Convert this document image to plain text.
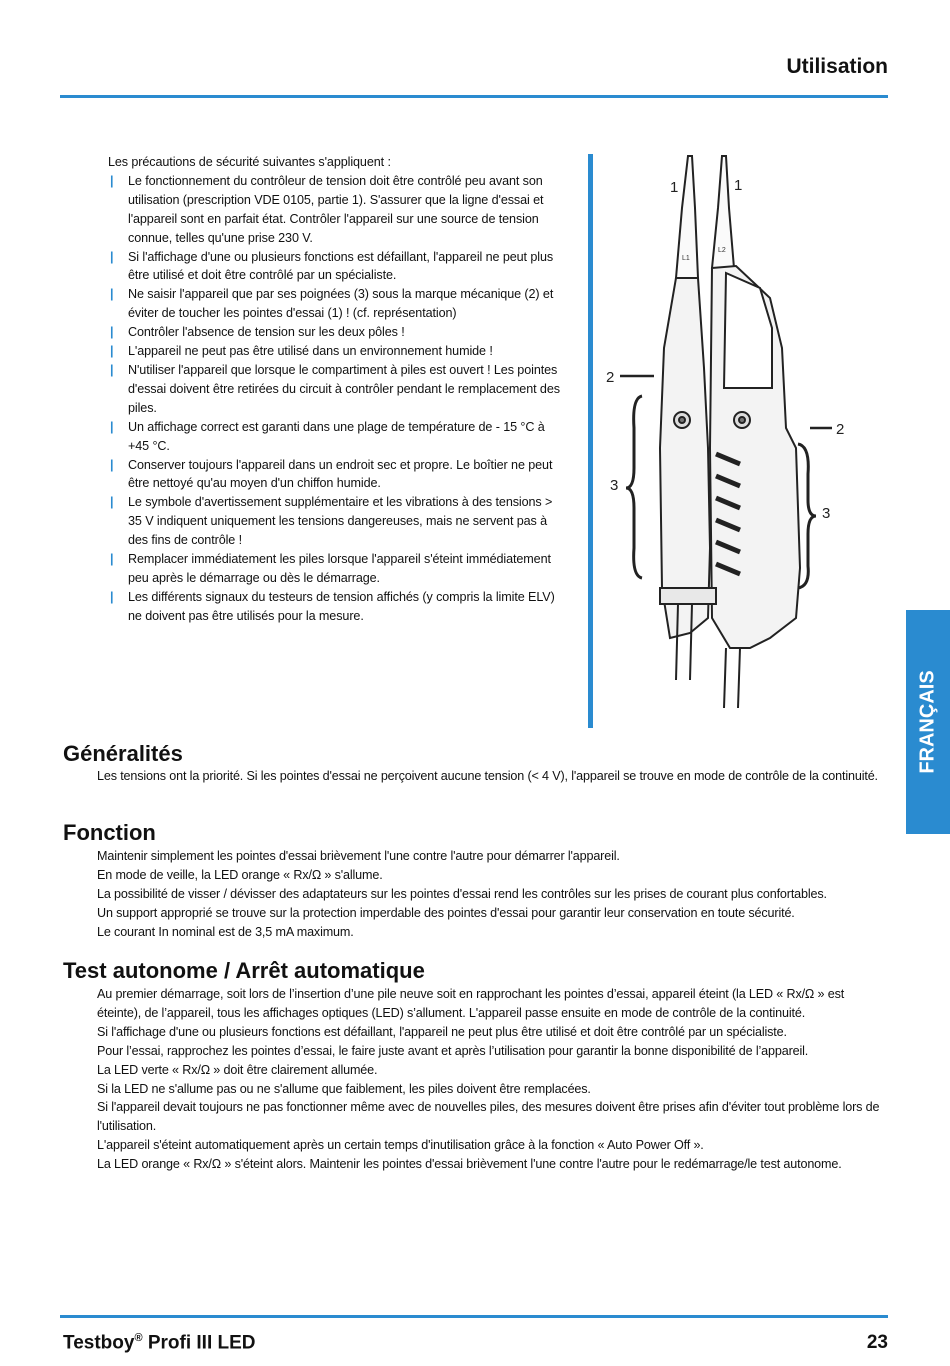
Utilisation

Les précautions de sécurité suivantes s'appliquent :

| Le fonctionnement du contrôleur de tension doit être contrôlé peu avant son utilisation (prescription VDE 0105, partie 1). S'assurer que la ligne d'essai et l'appareil sont en parfait état. Contrôler l'appareil sur une source de tension connue, telles qu'une prise 230 V.
| Si l'affichage d'une ou plusieurs fonctions est défaillant, l'appareil ne peut plus être utilisé et doit être contrôlé par un spécialiste.
| Ne saisir l'appareil que par ses poignées (3) sous la marque mécanique (2) et éviter de toucher les pointes d'essai (1) ! (cf. représentation)
| Contrôler l'absence de tension sur les deux pôles !
| L'appareil ne peut pas être utilisé dans un environnement humide !
| N'utiliser l'appareil que lorsque le compartiment à piles est ouvert ! Les pointes d'essai doivent être retirées du circuit à contrôler pendant le remplacement des piles.
| Un affichage correct est garanti dans une plage de température de - 15 °C à +45 °C.
| Conserver toujours l'appareil dans un endroit sec et propre. Le boîtier ne peut être nettoyé qu'au moyen d'un chiffon humide.
| Le symbole d'avertissement supplémentaire et les vibrations à des tensions > 35 V indiquent uniquement les tensions dangereuses, mais ne servent pas à des fins de contrôle !
| Remplacer immédiatement les piles lorsque l'appareil s'éteint immédiatement peu après le démarrage ou dès le démarrage.
| Les différents signaux du testeurs de tension affichés (y compris la limite ELV) ne doivent pas être utilisés pour la mesure.
1	1
2
2
3
3
L1
L2
FRANÇAIS
Généralités

Les tensions ont la priorité. Si les pointes d'essai ne perçoivent aucune tension (< 4 V), l'appareil se trouve en mode de contrôle de la continuité.

Fonction

Maintenir simplement les pointes d'essai brièvement l'une contre l'autre pour démarrer l'appareil.

En mode de veille, la LED orange « Rx/Ω » s'allume.

La possibilité de visser / dévisser des adaptateurs sur les pointes d'essai rend les contrôles sur les prises de courant plus confortables.

Un support approprié se trouve sur la protection imperdable des pointes d'essai pour garantir leur conservation en toute sécurité.

Le courant In nominal est de 3,5 mA maximum.

Test autonome / Arrêt automatique

Au premier démarrage, soit lors de l’insertion d’une pile neuve soit en rapprochant les pointes d’essai, appareil éteint (la LED « Rx/Ω » est éteinte), de l’appareil, tous les affichages optiques (LED) s’allument. L'appareil passe ensuite en mode de contrôle de la continuité.

Si l'affichage d'une ou plusieurs fonctions est défaillant, l'appareil ne peut plus être utilisé et doit être contrôlé par un spécialiste.

Pour l’essai, rapprochez les pointes d’essai, le faire juste avant et après l’utilisation pour garantir la bonne disponibilité de l’appareil.

La LED verte « Rx/Ω » doit être clairement allumée.

Si la LED ne s'allume pas ou ne s'allume que faiblement, les piles doivent être remplacées.

Si l'appareil devait toujours ne pas fonctionner même avec de nouvelles piles, des mesures doivent être prises afin d'éviter tout problème lors de l'utilisation.

L'appareil s'éteint automatiquement après un certain temps d'inutilisation grâce à la fonction « Auto Power Off ».

La LED orange « Rx/Ω » s'éteint alors. Maintenir les pointes d'essai brièvement l'une contre l'autre pour le redémarrage/le test autonome.

Testboy® Profi III LED	23
